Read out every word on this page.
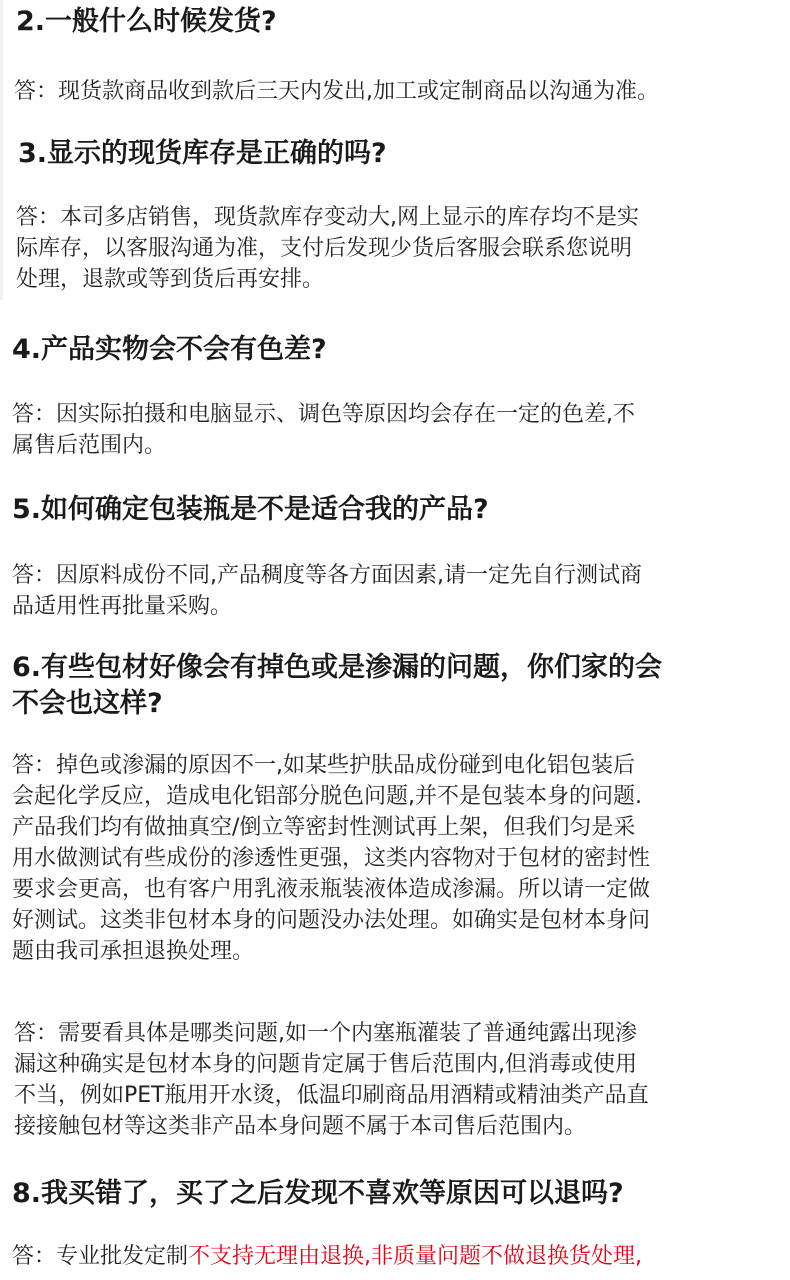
2.一般什么时候发货?
答：现货款商品收到款后三天内发出,加工或定制商品以沟通为准。
3.显示的现货库存是正确的吗?
答：本司多店销售，现货款库存变动大,网上显示的库存均不是实
际库存，以客服沟通为准，支付后发现少货后客服会联系您说明
处理，退款或等到货后再安排。
4.产品实物会不会有色差?
答：因实际拍摄和电脑显示、调色等原因均会存在一定的色差,不
属售后范围内。
5.如何确定包装瓶是不是适合我的产品?
答：因原料成份不同,产品稠度等各方面因素,请一定先自行测试商
品适用性再批量采购。
6.有些包材好像会有掉色或是渗漏的问题，你们家的会
不会也这样?
答：掉色或渗漏的原因不一,如某些护肤品成份碰到电化铝包装后
会起化学反应，造成电化铝部分脱色问题,并不是包装本身的问题.
产品我们均有做抽真空/倒立等密封性测试再上架，但我们匀是采
用水做测试有些成份的渗透性更强，这类内容物对于包材的密封性
要求会更高，也有客户用乳液汞瓶装液体造成渗漏。所以请一定做
好测试。这类非包材本身的问题没办法处理。如确实是包材本身问
题由我司承担退换处理。
答：需要看具体是哪类问题,如一个内塞瓶灌装了普通纯露出现渗
漏这种确实是包材本身的问题肯定属于售后范围内,但消毒或使用
不当，例如PET瓶用开水烫，低温印刷商品用酒精或精油类产品直
接接触包材等这类非产品本身问题不属于本司售后范围内。
8.我买错了，买了之后发现不喜欢等原因可以退吗?
答：专业批发定制不支持无理由退换,非质量问题不做退换货处理,
